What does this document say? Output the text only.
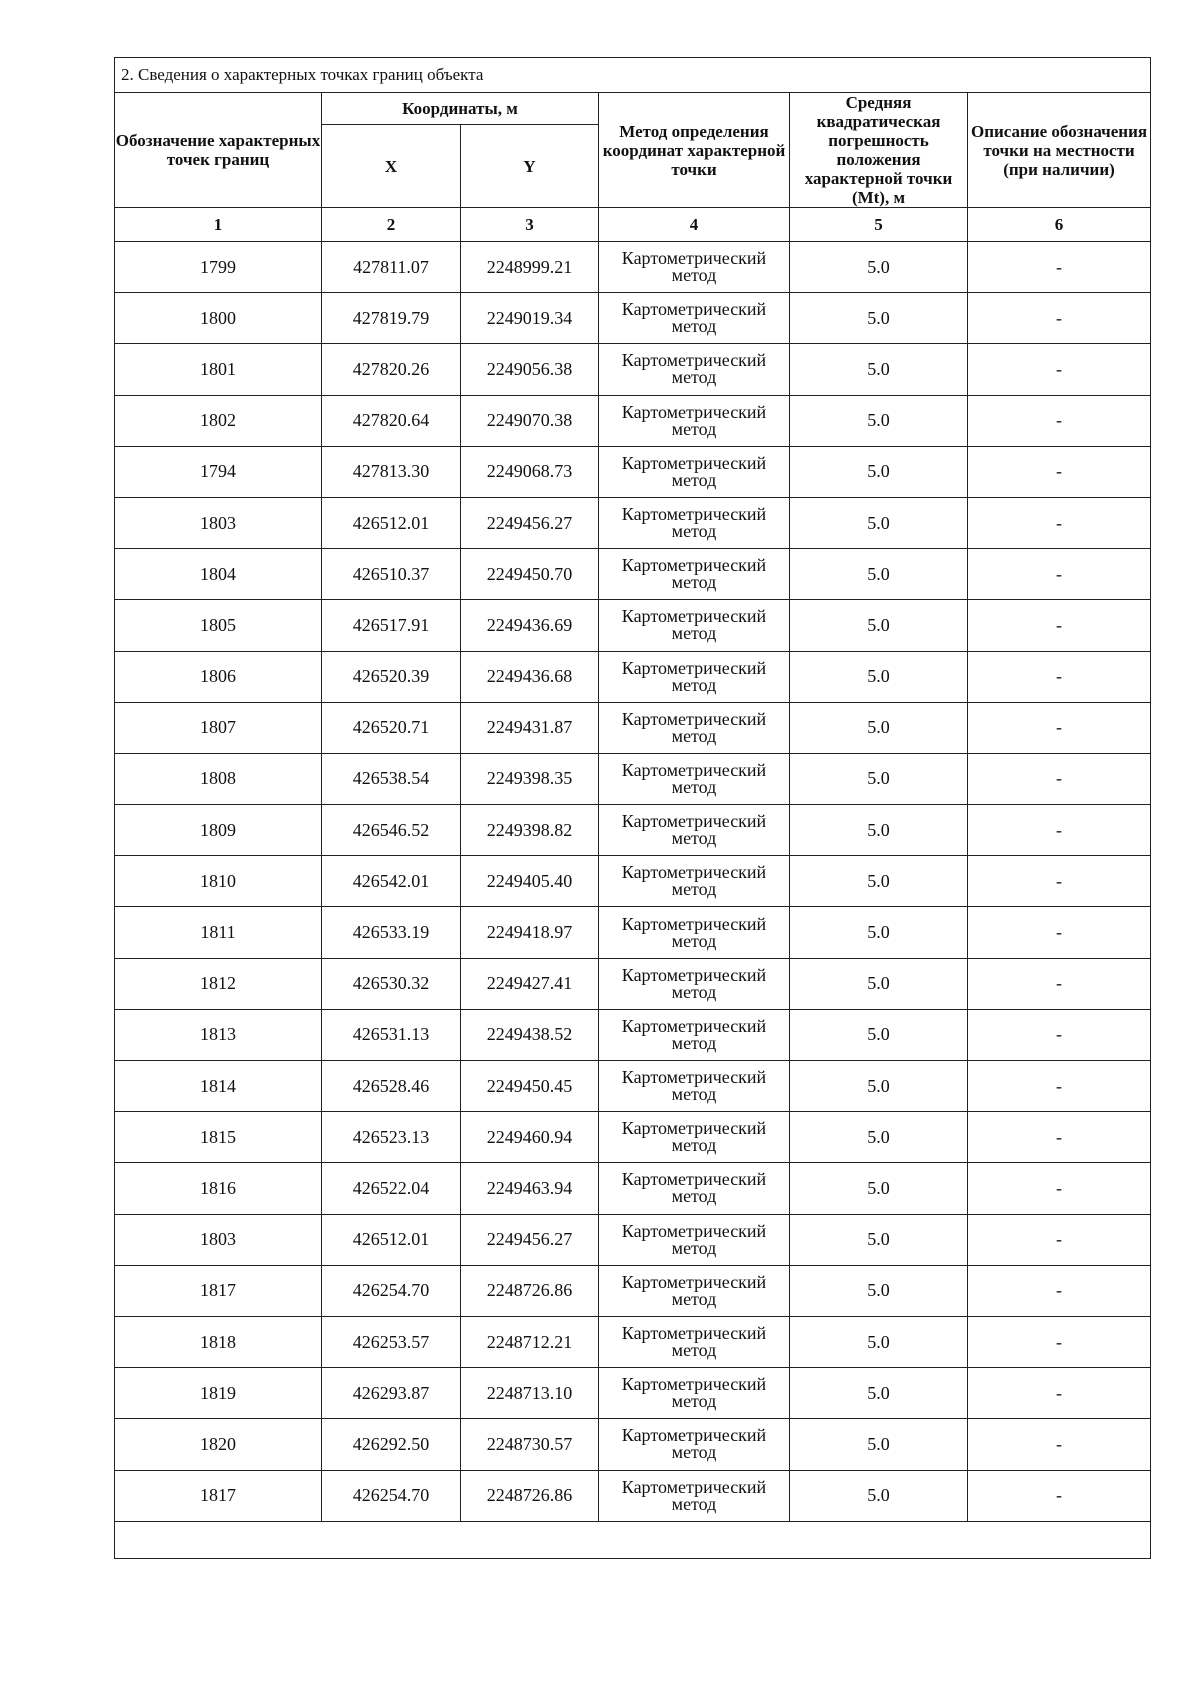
2. Сведения о характерных точках границ объекта					
Обозначение характерных точек границ	Координаты, м		Метод определения координат характерной точки	Средняя квадратическая погрешность положения характерной точки (Mt), м	Описание обозначения точки на местности (при наличии)
	X	Y			
1	2	3	4	5	6
1799	427811.07	2248999.21	Картометрический метод	5.0	-
1800	427819.79	2249019.34	Картометрический метод	5.0	-
1801	427820.26	2249056.38	Картометрический метод	5.0	-
1802	427820.64	2249070.38	Картометрический метод	5.0	-
1794	427813.30	2249068.73	Картометрический метод	5.0	-
1803	426512.01	2249456.27	Картометрический метод	5.0	-
1804	426510.37	2249450.70	Картометрический метод	5.0	-
1805	426517.91	2249436.69	Картометрический метод	5.0	-
1806	426520.39	2249436.68	Картометрический метод	5.0	-
1807	426520.71	2249431.87	Картометрический метод	5.0	-
1808	426538.54	2249398.35	Картометрический метод	5.0	-
1809	426546.52	2249398.82	Картометрический метод	5.0	-
1810	426542.01	2249405.40	Картометрический метод	5.0	-
1811	426533.19	2249418.97	Картометрический метод	5.0	-
1812	426530.32	2249427.41	Картометрический метод	5.0	-
1813	426531.13	2249438.52	Картометрический метод	5.0	-
1814	426528.46	2249450.45	Картометрический метод	5.0	-
1815	426523.13	2249460.94	Картометрический метод	5.0	-
1816	426522.04	2249463.94	Картометрический метод	5.0	-
1803	426512.01	2249456.27	Картометрический метод	5.0	-
1817	426254.70	2248726.86	Картометрический метод	5.0	-
1818	426253.57	2248712.21	Картометрический метод	5.0	-
1819	426293.87	2248713.10	Картометрический метод	5.0	-
1820	426292.50	2248730.57	Картометрический метод	5.0	-
1817	426254.70	2248726.86	Картометрический метод	5.0	-
